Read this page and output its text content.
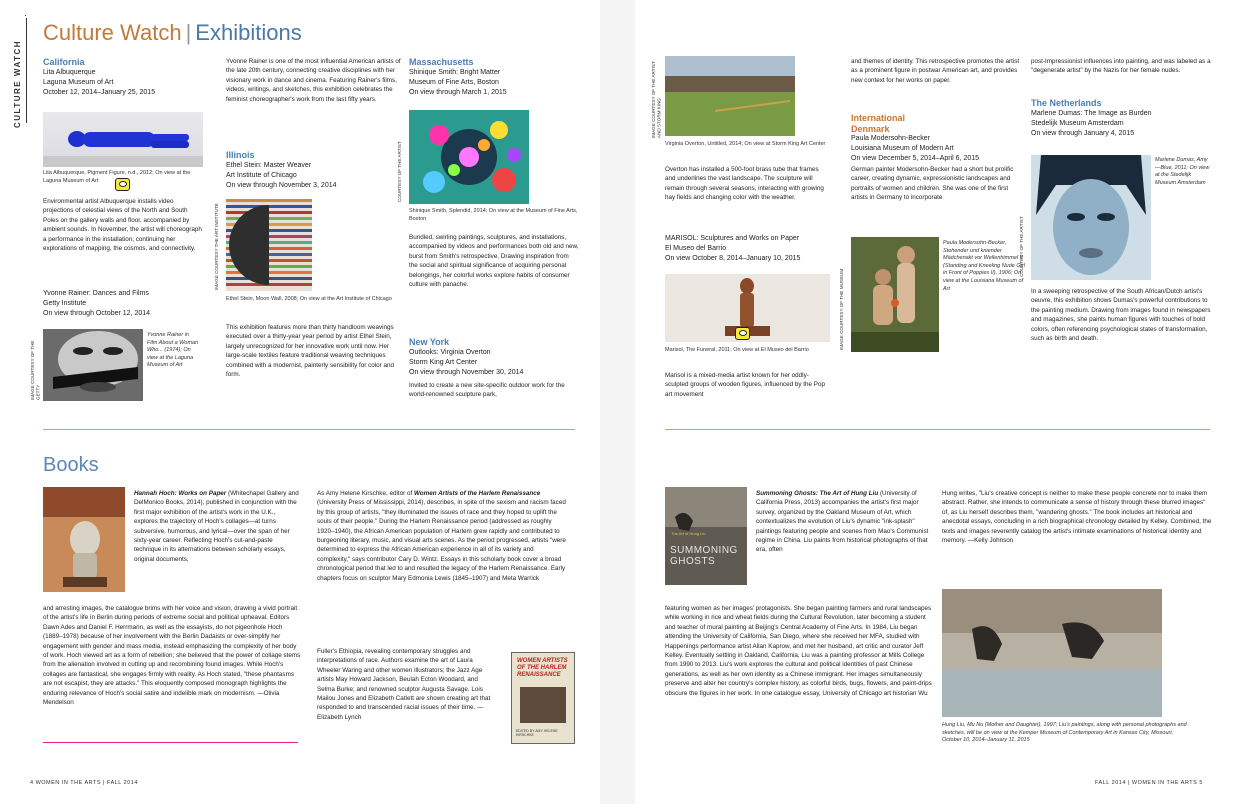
CULTURE WATCH
Culture Watch | Exhibitions
California
Lita Albuquerque
Laguna Museum of Art
October 12, 2014–January 25, 2015
Lita Albuquerque, Pigment Figure, n.d., 2012; On view at the Laguna Museum of Art
Environmental artist Albuquerque installs video projections of celestial views of the North and South Poles on the gallery walls and floor, accompanied by ambient sounds. In November, the artist will choreograph a performance in the installation, continuing her explorations of mapping, the cosmos, and connectivity.
Yvonne Rainer: Dances and Films
Getty Institute
On view through October 12, 2014
IMAGE COURTESY OF THE GETTY
Yvonne Rainer in Film About a Woman Who... (1974); On view at the Laguna Museum of Art
Yvonne Rainer is one of the most influential American artists of the late 20th century, connecting creative disciplines with her visionary work in dance and cinema. Featuring Rainer's films, videos, writings, and sketches, this exhibition celebrates the feminist choreographer's work from the last fifty years.
Illinois
Ethel Stein: Master Weaver
Art Institute of Chicago
On view through November 3, 2014
IMAGE COURTESY THE ART INSTITUTE
Ethel Stein, Moon Wall, 2008; On view at the Art Institute of Chicago
This exhibition features more than thirty handloom weavings executed over a thirty-year year period by artist Ethel Stein, largely unrecognized for her innovative work until now. Her large-scale textiles feature traditional weaving techniques combined with a modernist, painterly sensibility for color and form.
Massachusetts
Shinique Smith: Bright Matter
Museum of Fine Arts, Boston
On view through March 1, 2015
COURTESY OF THE ARTIST
Shinique Smith, Splendid, 2014; On view at the Museum of Fine Arts, Boston
Bundled, swirling paintings, sculptures, and installations, accompanied by videos and performances both old and new, burst from Smith's retrospective. Drawing inspiration from the social and spiritual significance of acquiring personal belongings, her colorful works explore habits of consumer culture with panache.
New York
Outlooks: Virginia Overton
Storm King Art Center
On view through November 30, 2014
Invited to create a new site-specific outdoor work for the world-renowned sculpture park,
Books
Hannah Hoch: Works on Paper (Whitechapel Gallery and DelMonico Books, 2014), published in conjunction with the first major exhibition of the artist's work in the U.K., explores the trajectory of Hoch's collages—at turns subversive, humorous, and lyrical—over the span of her sixty-year career. Reflecting Hoch's cut-and-paste technique in its alternations between scholarly essays, original documents,
and arresting images, the catalogue brims with her voice and vision, drawing a vivid portrait of the artist's life in Berlin during periods of extreme social and political upheaval. Editors Dawn Ades and Daniel F. Herrmann, as well as the essayists, do not pigeonhole Hoch (1889–1978) because of her involvement with the Berlin Dadaists or over-simplify her engagement with gender and mass media, instead emphasizing the complexity of her body of work. Hoch viewed art as a form of rebellion; she believed that the power of collage stems from the alienation involved in cutting up and recombining found images. While Hoch's collages are fantastical, she engages firmly with reality. As Hoch stated, "these phantasms are not escapist, they are attacks." This eloquently composed monograph highlights the enduring relevance of Hoch's social satire and indelible mark on modernism. —Olivia Mendelson
As Amy Helene Kirschke, editor of Women Artists of the Harlem Renaissance (University Press of Mississippi, 2014), describes, in spite of the sexism and racism faced by this group of artists, "they illuminated the issues of race and they hoped to uplift the souls of their people." During the Harlem Renaissance period (addressed as roughly 1920–1940), the African American population of Harlem grew rapidly and contributed to burgeoning literary, music, and visual arts scenes. As the period progressed, artists "were determined to express the African American experience in all of its variety and complexity," says contributor Cary D. Wintz. Essays in this scholarly book cover a broad chronological period that led to and resulted the legacy of the Harlem Renaissance. Early chapters focus on sculptor Mary Edmonia Lewis (1845–1907) and Meta Warrick
Fuller's Ethiopia, revealing contemporary struggles and interpretations of race. Authors examine the art of Laura Wheeler Waring and other women illustrators; the Jazz Age artists May Howard Jackson, Beulah Ecton Woodard, and Selma Burke; and renowned sculptor Augusta Savage. Lois Mailou Jones and Elizabeth Catlett are shown creating art that responded to and transcended racial issues of their time. —Elizabeth Lynch
WOMEN ARTISTS OF THE HARLEM RENAISSANCE
EDITED BY AMY HELENE KIRSCHKE
4 WOMEN IN THE ARTS | FALL 2014
IMAGE COURTESY OF THE ARTIST AND STORM KING
Virginia Overton, Untitled, 2014; On view at Storm King Art Center
Overton has installed a 500-foot brass tube that frames and underlines the vast landscape. The sculpture will remain through several seasons, interacting with growing hay fields and changing color with the weather.
MARISOL: Sculptures and Works on Paper
El Museo del Barrio
On view October 8, 2014–January 10, 2015
Marisol, The Funeral, 2011; On view at El Museo del Barrio
Marisol is a mixed-media artist known for her oddly-sculpted groups of wooden figures, influenced by the Pop art movement
and themes of identity. This retrospective promotes the artist as a prominent figure in postwar American art, and provides new context for her works on paper.
International
Denmark
Paula Modersohn-Becker
Louisiana Museum of Modern Art
On view December 5, 2014–April 6, 2015
German painter Modersohn-Becker had a short but prolific career, creating dynamic, expressionistic landscapes and portraits of women and children. She was one of the first artists in Germany to incorporate
IMAGE COURTESY OF THE MUSEUM
Paula Modersohn-Becker, Stehender und kniender Mädchenakt vor Wellenhimmel II (Standing and Kneeling Nude Girl in Front of Poppies II), 1906; On view at the Louisiana Museum of Art
post-Impressionist influences into painting, and was labeled as a "degenerate artist" by the Nazis for her female nudes.
The Netherlands
Marlene Dumas: The Image as Burden
Stedelijk Museum Amsterdam
On view through January 4, 2015
COURTESY OF THE ARTIST
Marlene Dumas, Amy—Blue, 2011; On view at the Stedelijk Museum Amsterdam
In a sweeping retrospective of the South African/Dutch artist's oeuvre, this exhibition shows Dumas's powerful contributions to the painting medium. Drawing from images found in newspapers and magazines, she paints human figures with touches of bold colors, often referencing psychological states of transformation, such as birth and death.
The Art of Hung Liu
SUMMONING GHOSTS
Summoning Ghosts: The Art of Hung Liu (University of California Press, 2013) accompanies the artist's first major survey, organized by the Oakland Museum of Art, which contextualizes the evolution of Liu's dynamic "ink-splash" paintings featuring people and scenes from Mao's Communist regime in China. Liu paints from historical photographs of that era, often
featuring women as her images' protagonists. She began painting farmers and rural landscapes while working in rice and wheat fields during the Cultural Revolution, later becoming a student and teacher of mural painting at Beijing's Central Academy of Fine Arts. In 1984, Liu began attending the University of California, San Diego, where she received her MFA, studied with Happenings performance artist Allan Kaprow, and met her husband, art critic and curator Jeff Kelley. Eventually settling in Oakland, California, Liu was a painting professor at Mills College from 1990 to 2013. Liu's work explores the cultural and political identities of past Chinese generations, as well as her own identity as a Chinese immigrant. Her images simultaneously preserve and alter her country's complex history, as colorful birds, bugs, flowers, and paint-drips obscure the figures in her work. In one catalogue essay, University of Chicago art historian Wu
Hung writes, "Liu's creative concept is neither to make these people concrete nor to make them abstract. Rather, she intends to communicate a sense of history through these blurred images" of, as Liu herself describes them, "wandering ghosts." The book includes art historical and anecdotal essays, concluding in a rich biographical chronology detailed by Kelley. Combined, the texts and images reverently catalog the artist's intimate examinations of historical identity and memory. —Kelly Johnson
Hung Liu, Mu Nu (Mother and Daughter), 1997; Liu's paintings, along with personal photographs and sketches, will be on view at the Kemper Museum of Contemporary Art in Kansas City, Missouri, October 10, 2014–January 11, 2015
FALL 2014 | WOMEN IN THE ARTS 5
